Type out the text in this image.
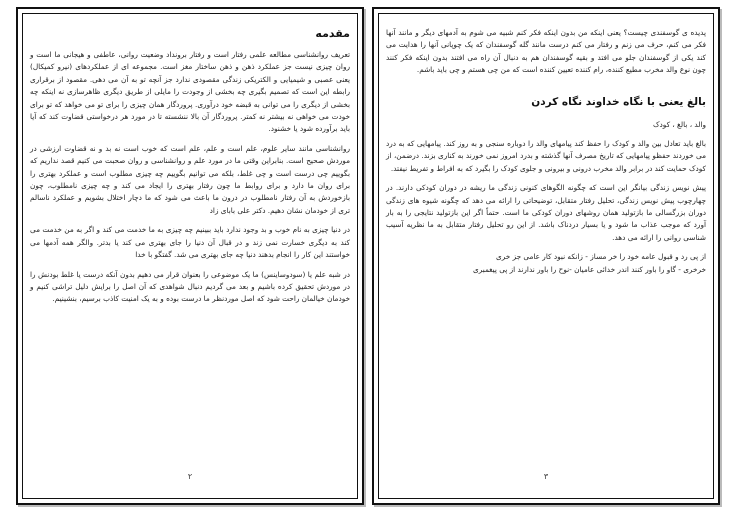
مقدمه

تعریف روانشناسی مطالعه علمی رفتار است و رفتار برونداد وضعیت روانی، عاطفی و هیجانی ما است و روان چیزی نیست جز عملکرد ذهن و ذهن ساختار مغز است. مجموعه ای از عملکردهای (نیرو کمیکال) یعنی عصبی و شیمیایی و الکتریکی زندگی مقصودی ندارد جز آنچه تو به آن می دهی. مقصود از برقراری رابطه این است که تصمیم بگیری چه بخشی از وجودت را مایلی از طریق دیگری ظاهرسازی نه اینکه چه بخشی از دیگری را می توانی به قبضه خود درآوری. پروردگار همان چیزی را برای تو می خواهد که تو برای خودت می خواهی نه بیشتر نه کمتر. پروردگار آن بالا ننشسته تا در مورد هر درخواستی قضاوت کند که آیا باید برآورده شود یا خشنود.

روانشناسی مانند سایر علوم، علم است و علم، علم است که خوب است نه بد و نه قضاوت ارزشی در موردش صحیح است. بنابراین وقتی ما در مورد علم و روانشناسی و روان صحبت می کنیم قصد نداریم که بگوییم چی درست است و چی غلط، بلکه می توانیم بگوییم چه چیزی مطلوب است و عملکرد بهتری را برای روان ما دارد و برای روابط ما چون رفتار بهتری را ایجاد می کند و چه چیزی نامطلوب، چون بازخوردش به آن رفتار نامطلوب در درون ما باعث می شود که ما دچار اختلال بشویم و عملکرد ناسالم تری از خودمان نشان دهیم. دکتر علی بابای زاد

در دنیا چیزی به نام خوب و بد وجود ندارد باید ببینیم چه چیزی به ما خدمت می کند و اگر به من خدمت می کند به دیگری خسارت نمی زند و در قبال آن دنیا را جای بهتری می کند یا بدتر. والگر همه آدمها می خواستند این کار را انجام بدهند دنیا چه جای بهتری می شد. گفتگو با خدا

در شبه علم یا (سودوساینس) ما یک موضوعی را بعنوان قرار می دهیم بدون آنکه درست یا غلط بودنش را در موردش تحقیق کرده باشیم و بعد می گردیم دنبال شواهدی که آن اصل را برایش دلیل تراشی کنیم و خودمان خیالمان راحت شود که اصل موردنظر ما درست بوده و به یک امنیت کاذب برسیم، بنشینیم.

۲

پدیده ی گوسفندی چیست؟ یعنی اینکه من بدون اینکه فکر کنم شبیه می شوم به آدمهای دیگر و مانند آنها فکر می کنم، حرف می زنم و رفتار می کنم درست مانند گله گوسفندان که یک چوپانی آنها را هدایت می کند یکی از گوسفندان جلو می افتد و بقیه گوسفندان هم به دنبال آن راه می افتند بدون اینکه فکر کنند چون نوع والد مخرب مطیع کننده، رام کننده تعیین کننده است که من چی هستم و چی باید باشم.

بالغ یعنی با نگاه خداوند نگاه کردن

والد ، بالغ ، کودک

بالغ باید تعادل بین والد و کودک را حفظ کند پیامهای والد را دوباره سنجی و به روز کند. پیامهایی که به درد می خوردند حفظو پیامهایی که تاریخ مصرف آنها گذشته و بدرد امروز نمی خورند به کناری بزند. درضمن، از کودک حمایت کند در برابر والد مخرب درونی و بیرونی و جلوی کودک را بگیرد که به افراط و تفریط نیفتد.

پیش نویس زندگی بیانگر این است که چگونه الگوهای کنونی زندگی ما ریشه در دوران کودکی دارند. در چهارچوب پیش نویس زندگی، تحلیل رفتار متقابل، توضیحاتی را ارائه می دهد که چگونه شیوه های زندگی دوران بزرگسالی ما بازتولید همان روشهای دوران کودکی ما است. حتماً اگر این بازتولید نتایجی را به بار آورد که موجب عذاب ما شود و یا بسیار دردناک باشد. از این رو تحلیل رفتار متقابل به ما نظریه آسیب شناسی روانی را ارائه می دهد.

از پی رد و قبول عامه خود را خر مساز - زانکه نبود کار عامی جز خری
خرخری - گاو را باور کنند اندر خدائی عامیان -نوح را باور ندارند از پی پیغمبری
۳
